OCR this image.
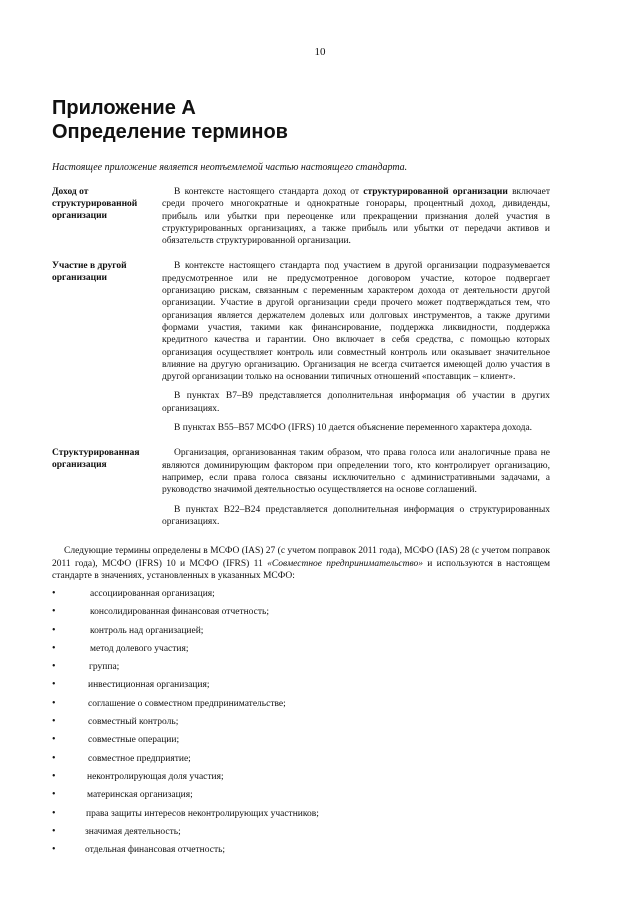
10
Приложение А
Определение терминов

Настоящее приложение является неотъемлемой частью настоящего стандарта.

Доход от структурированной организации

В контексте настоящего стандарта доход от структурированной организации включает среди прочего многократные и однократные гонорары, процентный доход, дивиденды, прибыль или убытки при переоценке или прекращении признания долей участия в структурированных организациях, а также прибыль или убытки от передачи активов и обязательств структурированной организации.

Участие в другой организации

В контексте настоящего стандарта под участием в другой организации подразумевается предусмотренное или не предусмотренное договором участие, которое подвергает организацию рискам, связанным с переменным характером дохода от деятельности другой организации. Участие в другой организации среди прочего может подтверждаться тем, что организация является держателем долевых или долговых инструментов, а также другими формами участия, такими как финансирование, поддержка ликвидности, поддержка кредитного качества и гарантии. Оно включает в себя средства, с помощью которых организация осуществляет контроль или совместный контроль или оказывает значительное влияние на другую организацию. Организация не всегда считается имеющей долю участия в другой организации только на основании типичных отношений «поставщик – клиент».

В пунктах В7–В9 представляется дополнительная информация об участии в других организациях.

В пунктах В55–В57 МСФО (IFRS) 10 дается объяснение переменного характера дохода.

Структурированная организация

Организация, организованная таким образом, что права голоса или аналогичные права не являются доминирующим фактором при определении того, кто контролирует организацию, например, если права голоса связаны исключительно с административными задачами, а руководство значимой деятельностью осуществляется на основе соглашений.

В пунктах В22–В24 представляется дополнительная информация о структурированных организациях.

Следующие термины определены в МСФО (IAS) 27 (с учетом поправок 2011 года), МСФО (IAS) 28 (с учетом поправок 2011 года), МСФО (IFRS) 10 и МСФО (IFRS) 11 «Совместное предпринимательство» и используются в настоящем стандарте в значениях, установленных в указанных МСФО:

•	ассоциированная организация;
•	консолидированная финансовая отчетность;
•	контроль над организацией;
•	метод долевого участия;
•	группа;
•	инвестиционная организация;
•	соглашение о совместном предпринимательстве;
•	совместный контроль;
•	совместные операции;
•	совместное предприятие;
•	неконтролирующая доля участия;
•	материнская организация;
•	права защиты интересов неконтролирующих участников;
•	значимая деятельность;
•	отдельная финансовая отчетность;
